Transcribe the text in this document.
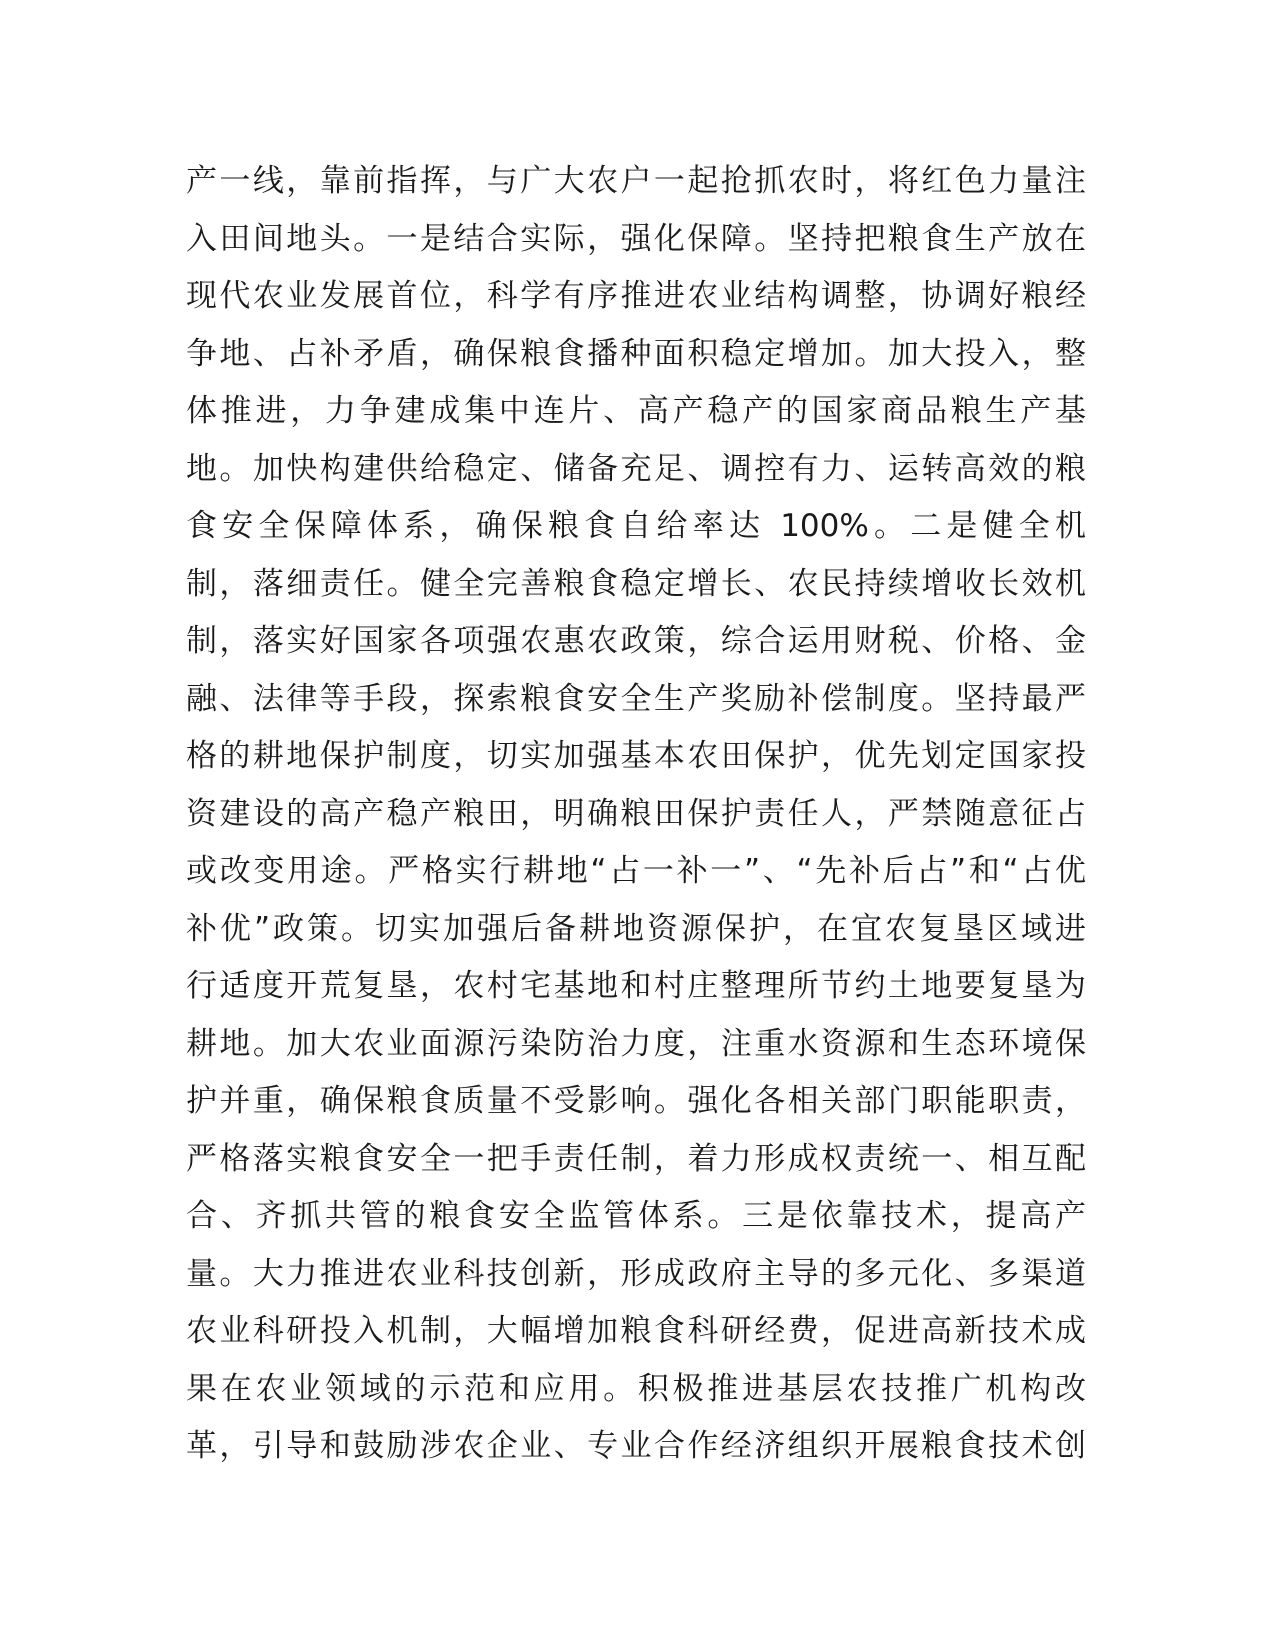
产一线，靠前指挥，与广大农户一起抢抓农时，将红色力量注
入田间地头。一是结合实际，强化保障。坚持把粮食生产放在
现代农业发展首位，科学有序推进农业结构调整，协调好粮经
争地、占补矛盾，确保粮食播种面积稳定增加。加大投入，整
体推进，力争建成集中连片、高产稳产的国家商品粮生产基
地。加快构建供给稳定、储备充足、调控有力、运转高效的粮
食安全保障体系，确保粮食自给率达 100%。二是健全机
制，落细责任。健全完善粮食稳定增长、农民持续增收长效机
制，落实好国家各项强农惠农政策，综合运用财税、价格、金
融、法律等手段，探索粮食安全生产奖励补偿制度。坚持最严
格的耕地保护制度，切实加强基本农田保护，优先划定国家投
资建设的高产稳产粮田，明确粮田保护责任人，严禁随意征占
或改变用途。严格实行耕地“占一补一”、“先补后占”和“占优
补优”政策。切实加强后备耕地资源保护，在宜农复垦区域进
行适度开荒复垦，农村宅基地和村庄整理所节约土地要复垦为
耕地。加大农业面源污染防治力度，注重水资源和生态环境保
护并重，确保粮食质量不受影响。强化各相关部门职能职责，
严格落实粮食安全一把手责任制，着力形成权责统一、相互配
合、齐抓共管的粮食安全监管体系。三是依靠技术，提高产
量。大力推进农业科技创新，形成政府主导的多元化、多渠道
农业科研投入机制，大幅增加粮食科研经费，促进高新技术成
果在农业领域的示范和应用。积极推进基层农技推广机构改
革，引导和鼓励涉农企业、专业合作经济组织开展粮食技术创
